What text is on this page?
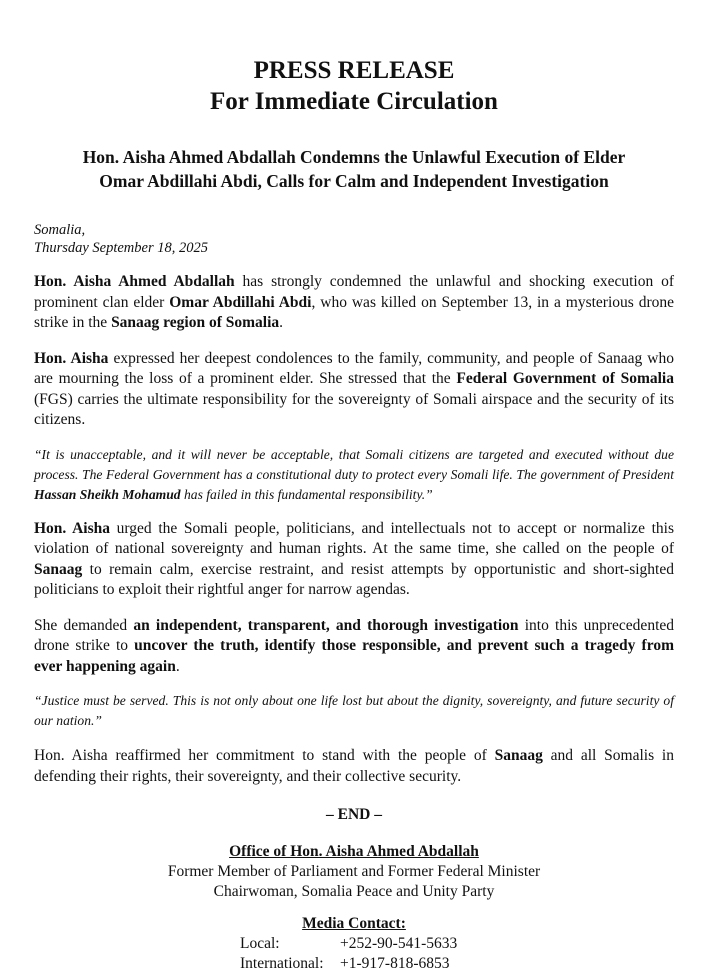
PRESS RELEASE
For Immediate Circulation
Hon. Aisha Ahmed Abdallah Condemns the Unlawful Execution of Elder
Omar Abdillahi Abdi, Calls for Calm and Independent Investigation
Somalia,
Thursday September 18, 2025

Hon. Aisha Ahmed Abdallah has strongly condemned the unlawful and shocking execution of prominent clan elder Omar Abdillahi Abdi, who was killed on September 13, in a mysterious drone strike in the Sanaag region of Somalia.

Hon. Aisha expressed her deepest condolences to the family, community, and people of Sanaag who are mourning the loss of a prominent elder. She stressed that the Federal Government of Somalia (FGS) carries the ultimate responsibility for the sovereignty of Somali airspace and the security of its citizens.

“It is unacceptable, and it will never be acceptable, that Somali citizens are targeted and executed without due process. The Federal Government has a constitutional duty to protect every Somali life. The government of President Hassan Sheikh Mohamud has failed in this fundamental responsibility.”

Hon. Aisha urged the Somali people, politicians, and intellectuals not to accept or normalize this violation of national sovereignty and human rights. At the same time, she called on the people of Sanaag to remain calm, exercise restraint, and resist attempts by opportunistic and short-sighted politicians to exploit their rightful anger for narrow agendas.

She demanded an independent, transparent, and thorough investigation into this unprecedented drone strike to uncover the truth, identify those responsible, and prevent such a tragedy from ever happening again.

“Justice must be served. This is not only about one life lost but about the dignity, sovereignty, and future security of our nation.”

Hon. Aisha reaffirmed her commitment to stand with the people of Sanaag and all Somalis in defending their rights, their sovereignty, and their collective security.

– END –
Office of Hon. Aisha Ahmed Abdallah
Former Member of Parliament and Former Federal Minister
Chairwoman, Somalia Peace and Unity Party
Media Contact:
Local:	+252-90-541-5633
International:	+1-917-818-6853
